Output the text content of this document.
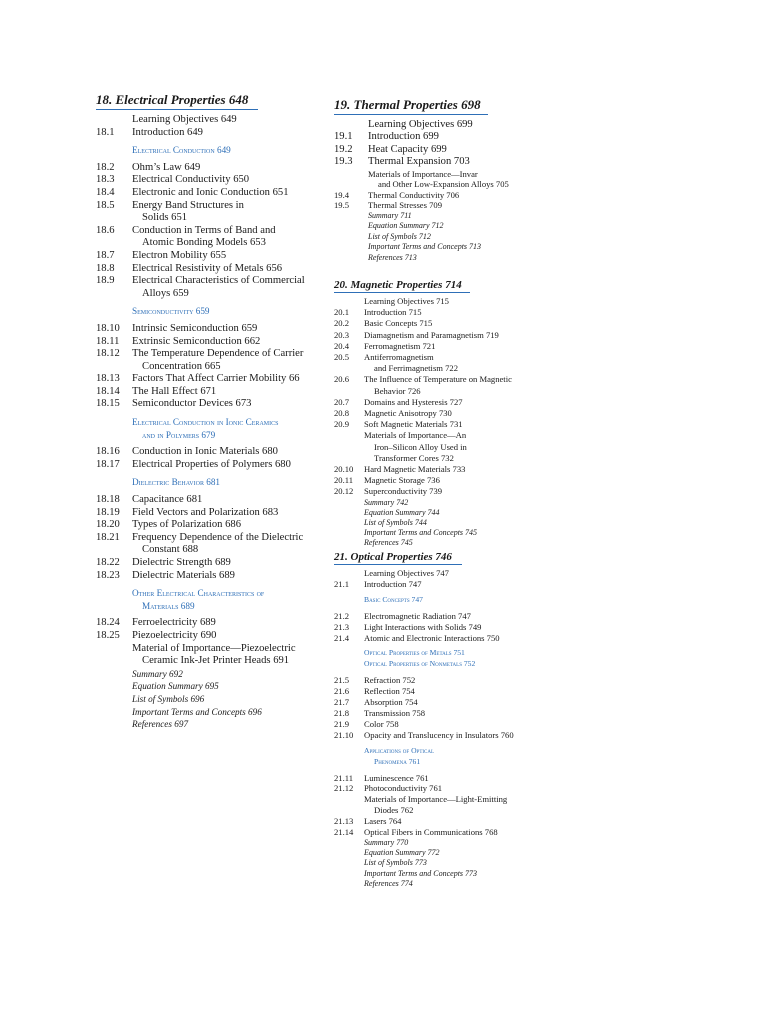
18. Electrical Properties 648
Learning Objectives 649
18.1 Introduction 649
Electrical Conduction 649
18.2 Ohm’s Law 649
18.3 Electrical Conductivity 650
18.4 Electronic and Ionic Conduction 651
18.5 Energy Band Structures in
Solids 651
18.6 Conduction in Terms of Band and
Atomic Bonding Models 653
18.7 Electron Mobility 655
18.8 Electrical Resistivity of Metals 656
18.9 Electrical Characteristics of Commercial
Alloys 659
Semiconductivity 659
18.10 Intrinsic Semiconduction 659
18.11 Extrinsic Semiconduction 662
18.12 The Temperature Dependence of Carrier
Concentration 665
18.13 Factors That Affect Carrier Mobility 66
18.14 The Hall Effect 671
18.15 Semiconductor Devices 673
Electrical Conduction in Ionic Ceramics
and in Polymers 679
18.16 Conduction in Ionic Materials 680
18.17 Electrical Properties of Polymers 680
Dielectric Behavior 681
18.18 Capacitance 681
18.19 Field Vectors and Polarization 683
18.20 Types of Polarization 686
18.21 Frequency Dependence of the Dielectric
Constant 688
18.22 Dielectric Strength 689
18.23 Dielectric Materials 689
Other Electrical Characteristics of
Materials 689
18.24 Ferroelectricity 689
18.25 Piezoelectricity 690
Material of Importance—Piezoelectric
Ceramic Ink-Jet Printer Heads 691
Summary 692
Equation Summary 695
List of Symbols 696
Important Terms and Concepts 696
References 697
19. Thermal Properties 698
Learning Objectives 699
19.1 Introduction 699
19.2 Heat Capacity 699
19.3 Thermal Expansion 703
Materials of Importance—Invar
and Other Low-Expansion Alloys 705
19.4 Thermal Conductivity 706
19.5 Thermal Stresses 709
Summary 711
Equation Summary 712
List of Symbols 712
Important Terms and Concepts 713
References 713
20. Magnetic Properties 714
Learning Objectives 715
20.1 Introduction 715
20.2 Basic Concepts 715
20.3 Diamagnetism and Paramagnetism 719
20.4 Ferromagnetism 721
20.5 Antiferromagnetism
and Ferrimagnetism 722
20.6 The Influence of Temperature on Magnetic
Behavior 726
20.7 Domains and Hysteresis 727
20.8 Magnetic Anisotropy 730
20.9 Soft Magnetic Materials 731
Materials of Importance—An
Iron–Silicon Alloy Used in
Transformer Cores 732
20.10 Hard Magnetic Materials 733
20.11 Magnetic Storage 736
20.12 Superconductivity 739
Summary 742
Equation Summary 744
List of Symbols 744
Important Terms and Concepts 745
References 745
21. Optical Properties 746
Learning Objectives 747
21.1 Introduction 747
Basic Concepts 747
21.2 Electromagnetic Radiation 747
21.3 Light Interactions with Solids 749
21.4 Atomic and Electronic Interactions 750
Optical Properties of Metals 751
Optical Properties of Nonmetals 752
21.5 Refraction 752
21.6 Reflection 754
21.7 Absorption 754
21.8 Transmission 758
21.9 Color 758
21.10 Opacity and Translucency in Insulators 760
Applications of Optical
Phenomena 761
21.11 Luminescence 761
21.12 Photoconductivity 761
Materials of Importance—Light-Emitting
Diodes 762
21.13 Lasers 764
21.14 Optical Fibers in Communications 768
Summary 770
Equation Summary 772
List of Symbols 773
Important Terms and Concepts 773
References 774
